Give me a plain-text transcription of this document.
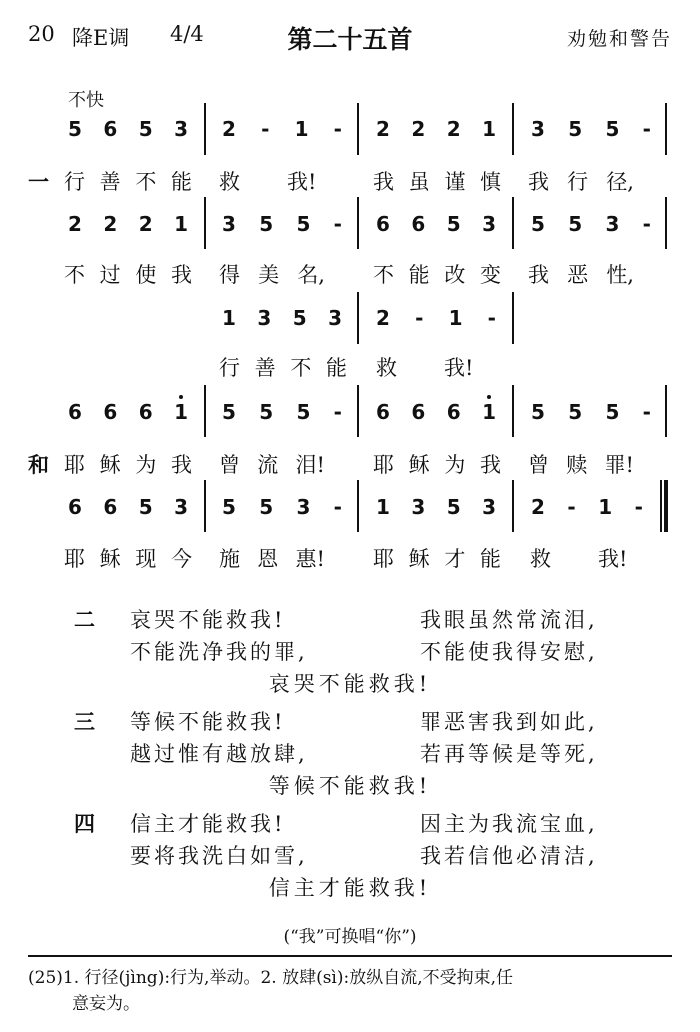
20 降E调 4/4	第二十五首	劝勉和警告
不快
5 6 5 3 2 - 1 - 2 2 2 1 3 5 5 -
一 行 善 不 能 救 我!	我 虽 谨 慎 我 行 径,
2 2 2 1 3 5 5 - 6 6 5 3 5 5 3 -
不 过 使 我 得 美 名, 不 能 改 变 我 恶 性,
1 3 5 3 2 - 1 -
行 善 不 能 救 我!
6 6 6 1 5 5 5 - 6 6 6 1 5 5 5 -
和 耶 稣 为 我 曾 流 泪! 耶 稣 为 我 曾 赎 罪!
6 6 5 3 5 5 3 - 1 3 5 3 2 - 1 -
耶 稣 现 今 施 恩 惠! 耶 稣 才 能 救 我!
二 哀哭不能救我!	我眼虽然常流泪,
不能洗净我的罪,	不能使我得安慰,
哀哭不能救我!
三 等候不能救我!	罪恶害我到如此,
越过惟有越放肆,	若再等候是等死,
等候不能救我!
四 信主才能救我!	因主为我流宝血,
要将我洗白如雪,	我若信他必清洁,
信主才能救我!
(“我”可换唱“你”)
(25)1. 行径(jìng):行为,举动。2. 放肆(sì):放纵自流,不受拘束,任
意妄为。
